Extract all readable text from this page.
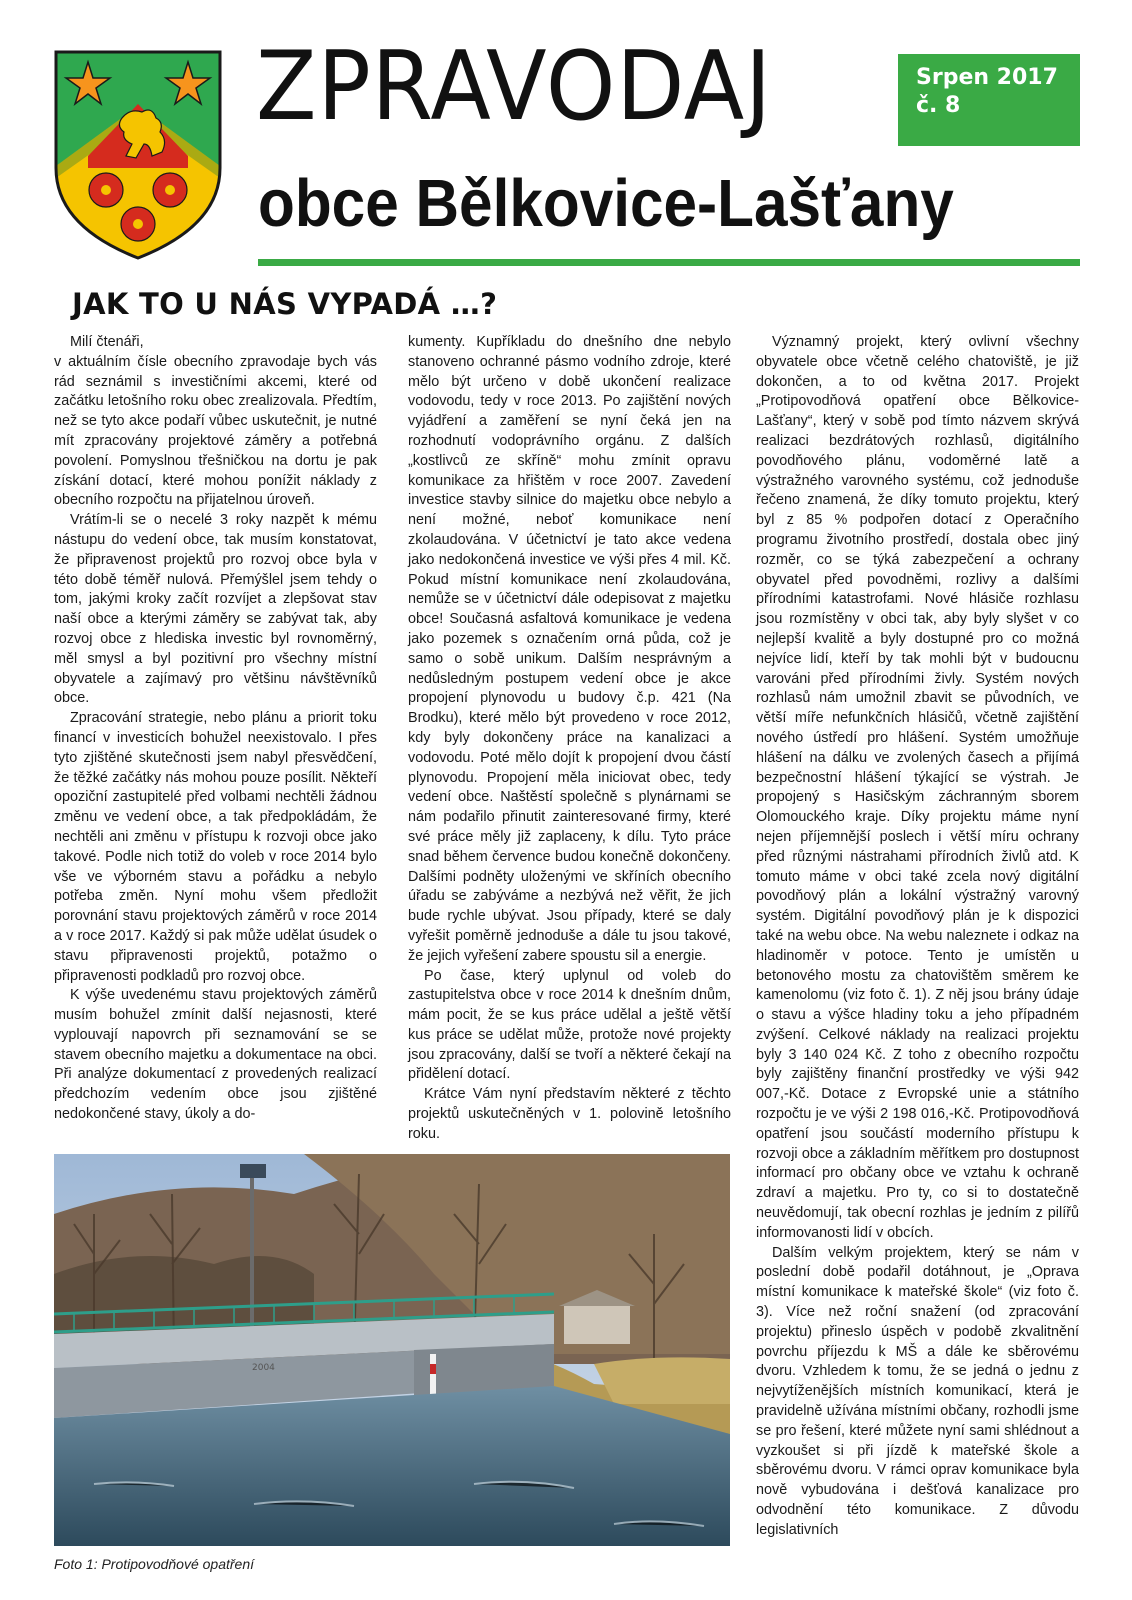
ZPRAVODAJ
obce Bělkovice-Lašťany
Srpen 2017
č. 8
JAK TO U NÁS VYPADÁ …?

Milí čtenáři,

v aktuálním čísle obecního zpravodaje bych vás rád seznámil s investičními akcemi, které od začátku letošního roku obec zrealizovala. Předtím, než se tyto akce podaří vůbec uskutečnit, je nutné mít zpracovány projektové záměry a potřebná povolení. Pomyslnou třešničkou na dortu je pak získání dotací, které mohou ponížit náklady z obecního rozpočtu na přijatelnou úroveň.

Vrátím-li se o necelé 3 roky nazpět k mému nástupu do vedení obce, tak musím konstatovat, že připravenost projektů pro rozvoj obce byla v této době téměř nulová. Přemýšlel jsem tehdy o tom, jakými kroky začít rozvíjet a zlepšovat stav naší obce a kterými záměry se zabývat tak, aby rozvoj obce z hlediska investic byl rovnoměrný, měl smysl a byl pozitivní pro všechny místní obyvatele a zajímavý pro většinu návštěvníků obce.

Zpracování strategie, nebo plánu a priorit toku financí v investicích bohužel neexistovalo. I přes tyto zjištěné skutečnosti jsem nabyl přesvědčení, že těžké začátky nás mohou pouze posílit. Někteří opoziční zastupitelé před volbami nechtěli žádnou změnu ve vedení obce, a tak předpokládám, že nechtěli ani změnu v přístupu k rozvoji obce jako takové. Podle nich totiž do voleb v roce 2014 bylo vše ve výborném stavu a pořádku a nebylo potřeba změn. Nyní mohu všem předložit porovnání stavu projektových záměrů v roce 2014 a v roce 2017. Každý si pak může udělat úsudek o stavu připravenosti projektů, potažmo o připravenosti podkladů pro rozvoj obce.

K výše uvedenému stavu projektových záměrů musím bohužel zmínit další nejasnosti, které vyplouvají napovrch při seznamování se se stavem obecního majetku a dokumentace na obci. Při analýze dokumentací z provedených realizací předchozím vedením obce jsou zjištěné nedokončené stavy, úkoly a do-

kumenty. Kupříkladu do dnešního dne nebylo stanoveno ochranné pásmo vodního zdroje, které mělo být určeno v době ukončení realizace vodovodu, tedy v roce 2013. Po zajištění nových vyjádření a zaměření se nyní čeká jen na rozhodnutí vodoprávního orgánu. Z dalších „kostlivců ze skříně“ mohu zmínit opravu komunikace za hřištěm v roce 2007. Zavedení investice stavby silnice do majetku obce nebylo a není možné, neboť komunikace není zkolaudována. V účetnictví je tato akce vedena jako nedokončená investice ve výši přes 4 mil. Kč. Pokud místní komunikace není zkolaudována, nemůže se v účetnictví dále odepisovat z majetku obce! Současná asfaltová komunikace je vedena jako pozemek s označením orná půda, což je samo o sobě unikum. Dalším nesprávným a nedůsledným postupem vedení obce je akce propojení plynovodu u budovy č.p. 421 (Na Brodku), které mělo být provedeno v roce 2012, kdy byly dokončeny práce na kanalizaci a vodovodu. Poté mělo dojít k propojení dvou částí plynovodu. Propojení měla iniciovat obec, tedy vedení obce. Naštěstí společně s plynárnami se nám podařilo přinutit zainteresované firmy, které své práce měly již zaplaceny, k dílu. Tyto práce snad během července budou konečně dokončeny. Dalšími podněty uloženými ve skříních obecního úřadu se zabýváme a nezbývá než věřit, že jich bude rychle ubývat. Jsou případy, které se daly vyřešit poměrně jednoduše a dále tu jsou takové, že jejich vyřešení zabere spoustu sil a energie.

Po čase, který uplynul od voleb do zastupitelstva obce v roce 2014 k dnešním dnům, mám pocit, že se kus práce udělal a ještě větší kus práce se udělat může, protože nové projekty jsou zpracovány, další se tvoří a některé čekají na přidělení dotací.

Krátce Vám nyní představím některé z těchto projektů uskutečněných v 1. polovině letošního roku.

Významný projekt, který ovlivní všechny obyvatele obce včetně celého chatoviště, je již dokončen, a to od května 2017. Projekt „Protipovodňová opatření obce Bělkovice-Lašťany“, který v sobě pod tímto názvem skrývá realizaci bezdrátových rozhlasů, digitálního povodňového plánu, vodoměrné latě a výstražného varovného systému, což jednoduše řečeno znamená, že díky tomuto projektu, který byl z 85 % podpořen dotací z Operačního programu životního prostředí, dostala obec jiný rozměr, co se týká zabezpečení a ochrany obyvatel před povodněmi, rozlivy a dalšími přírodními katastrofami. Nové hlásiče rozhlasu jsou rozmístěny v obci tak, aby byly slyšet v co nejlepší kvalitě a byly dostupné pro co možná nejvíce lidí, kteří by tak mohli být v budoucnu varováni před přírodními živly. Systém nových rozhlasů nám umožnil zbavit se původních, ve větší míře nefunkčních hlásičů, včetně zajištění nového ústředí pro hlášení. Systém umožňuje hlášení na dálku ve zvolených časech a přijímá bezpečnostní hlášení týkající se výstrah. Je propojený s Hasičským záchranným sborem Olomouckého kraje. Díky projektu máme nyní nejen příjemnější poslech i větší míru ochrany před různými nástrahami přírodních živlů atd. K tomuto máme v obci také zcela nový digitální povodňový plán a lokální výstražný varovný systém. Digitální povodňový plán je k dispozici také na webu obce. Na webu naleznete i odkaz na hladinoměr v potoce. Tento je umístěn u betonového mostu za chatovištěm směrem ke kamenolomu (viz foto č. 1). Z něj jsou brány údaje o stavu a výšce hladiny toku a jeho případném zvýšení. Celkové náklady na realizaci projektu byly 3 140 024 Kč. Z toho z obecního rozpočtu byly zajištěny finanční prostředky ve výši 942 007,-Kč. Dotace z Evropské unie a státního rozpočtu je ve výši 2 198 016,-Kč. Protipovodňová opatření jsou součástí moderního přístupu k rozvoji obce a základním měřítkem pro dostupnost informací pro občany obce ve vztahu k ochraně zdraví a majetku. Pro ty, co si to dostatečně neuvědomují, tak obecní rozhlas je jedním z pilířů informovanosti lidí v obcích.

Dalším velkým projektem, který se nám v poslední době podařil dotáhnout, je „Oprava místní komunikace k mateřské škole“ (viz foto č. 3). Více než roční snažení (od zpracování projektu) přineslo úspěch v podobě zkvalitnění povrchu příjezdu k MŠ a dále ke sběrovému dvoru. Vzhledem k tomu, že se jedná o jednu z nejvytíženějších místních komunikací, která je pravidelně užívána místními občany, rozhodli jsme se pro řešení, které můžete nyní sami shlédnout a vyzkoušet si při jízdě k mateřské škole a sběrovému dvoru. V rámci oprav komunikace byla nově vybudována i dešťová kanalizace pro odvodnění této komunikace. Z důvodu legislativních

2004

Foto 1: Protipovodňové opatření
